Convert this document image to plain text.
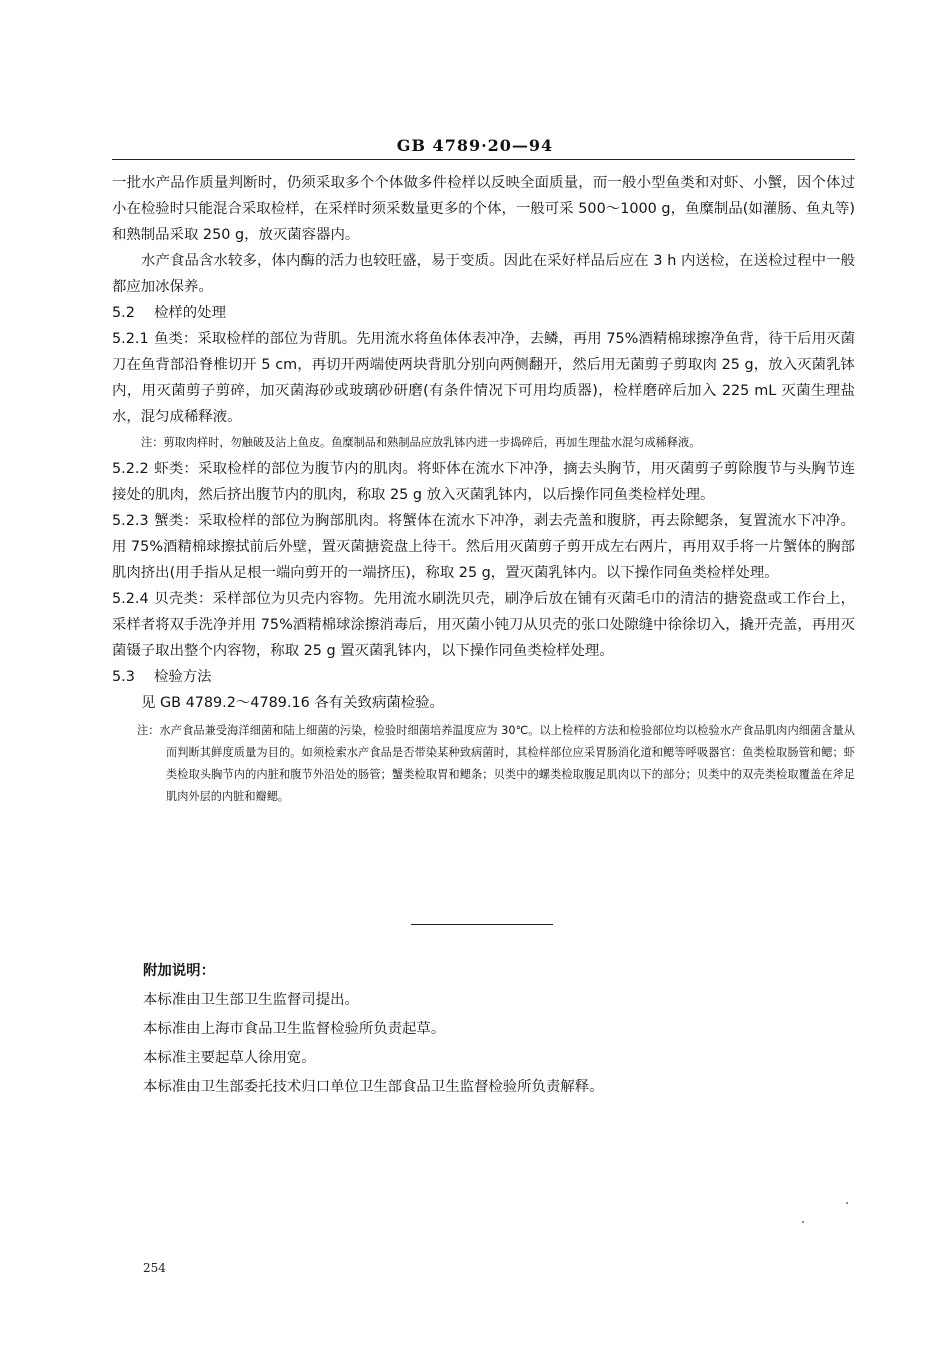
GB 4789·20—94

一批水产品作质量判断时，仍须采取多个个体做多件检样以反映全面质量，而一般小型鱼类和对虾、小蟹，因个体过小在检验时只能混合采取检样，在采样时须采数量更多的个体，一般可采 500～1000 g，鱼糜制品(如灌肠、鱼丸等)和熟制品采取 250 g，放灭菌容器内。

水产食品含水较多，体内酶的活力也较旺盛，易于变质。因此在采好样品后应在 3 h 内送检，在送检过程中一般都应加冰保养。

5.2 检样的处理

5.2.1 鱼类：采取检样的部位为背肌。先用流水将鱼体体表冲净，去鳞，再用 75%酒精棉球擦净鱼背，待干后用灭菌刀在鱼背部沿脊椎切开 5 cm，再切开两端使两块背肌分别向两侧翻开，然后用无菌剪子剪取肉 25 g，放入灭菌乳钵内，用灭菌剪子剪碎，加灭菌海砂或玻璃砂研磨(有条件情况下可用均质器)，检样磨碎后加入 225 mL 灭菌生理盐水，混匀成稀释液。

注：剪取肉样时，勿触破及沾上鱼皮。鱼糜制品和熟制品应放乳钵内进一步捣碎后，再加生理盐水混匀成稀释液。

5.2.2 虾类：采取检样的部位为腹节内的肌肉。将虾体在流水下冲净，摘去头胸节，用灭菌剪子剪除腹节与头胸节连接处的肌肉，然后挤出腹节内的肌肉，称取 25 g 放入灭菌乳钵内，以后操作同鱼类检样处理。

5.2.3 蟹类：采取检样的部位为胸部肌肉。将蟹体在流水下冲净，剥去壳盖和腹脐，再去除鳃条，复置流水下冲净。用 75%酒精棉球擦拭前后外壁，置灭菌搪瓷盘上待干。然后用灭菌剪子剪开成左右两片，再用双手将一片蟹体的胸部肌肉挤出(用手指从足根一端向剪开的一端挤压)，称取 25 g，置灭菌乳钵内。以下操作同鱼类检样处理。

5.2.4 贝壳类：采样部位为贝壳内容物。先用流水刷洗贝壳，刷净后放在铺有灭菌毛巾的清洁的搪瓷盘或工作台上，采样者将双手洗净并用 75%酒精棉球涂擦消毒后，用灭菌小钝刀从贝壳的张口处隙缝中徐徐切入，撬开壳盖，再用灭菌镊子取出整个内容物，称取 25 g 置灭菌乳钵内，以下操作同鱼类检样处理。

5.3 检验方法

见 GB 4789.2～4789.16 各有关致病菌检验。

注：水产食品兼受海洋细菌和陆上细菌的污染，检验时细菌培养温度应为 30℃。以上检样的方法和检验部位均以检验水产食品肌肉内细菌含量从而判断其鲜度质量为目的。如须检索水产食品是否带染某种致病菌时，其检样部位应采胃肠消化道和鳃等呼吸器官：鱼类检取肠管和鳃；虾类检取头胸节内的内脏和腹节外沿处的肠管；蟹类检取胃和鳃条；贝类中的螺类检取腹足肌肉以下的部分；贝类中的双壳类检取覆盖在斧足肌肉外层的内脏和瓣鳃。

附加说明：

本标准由卫生部卫生监督司提出。

本标准由上海市食品卫生监督检验所负责起草。

本标准主要起草人徐用宽。

本标准由卫生部委托技术归口单位卫生部食品卫生监督检验所负责解释。

254
